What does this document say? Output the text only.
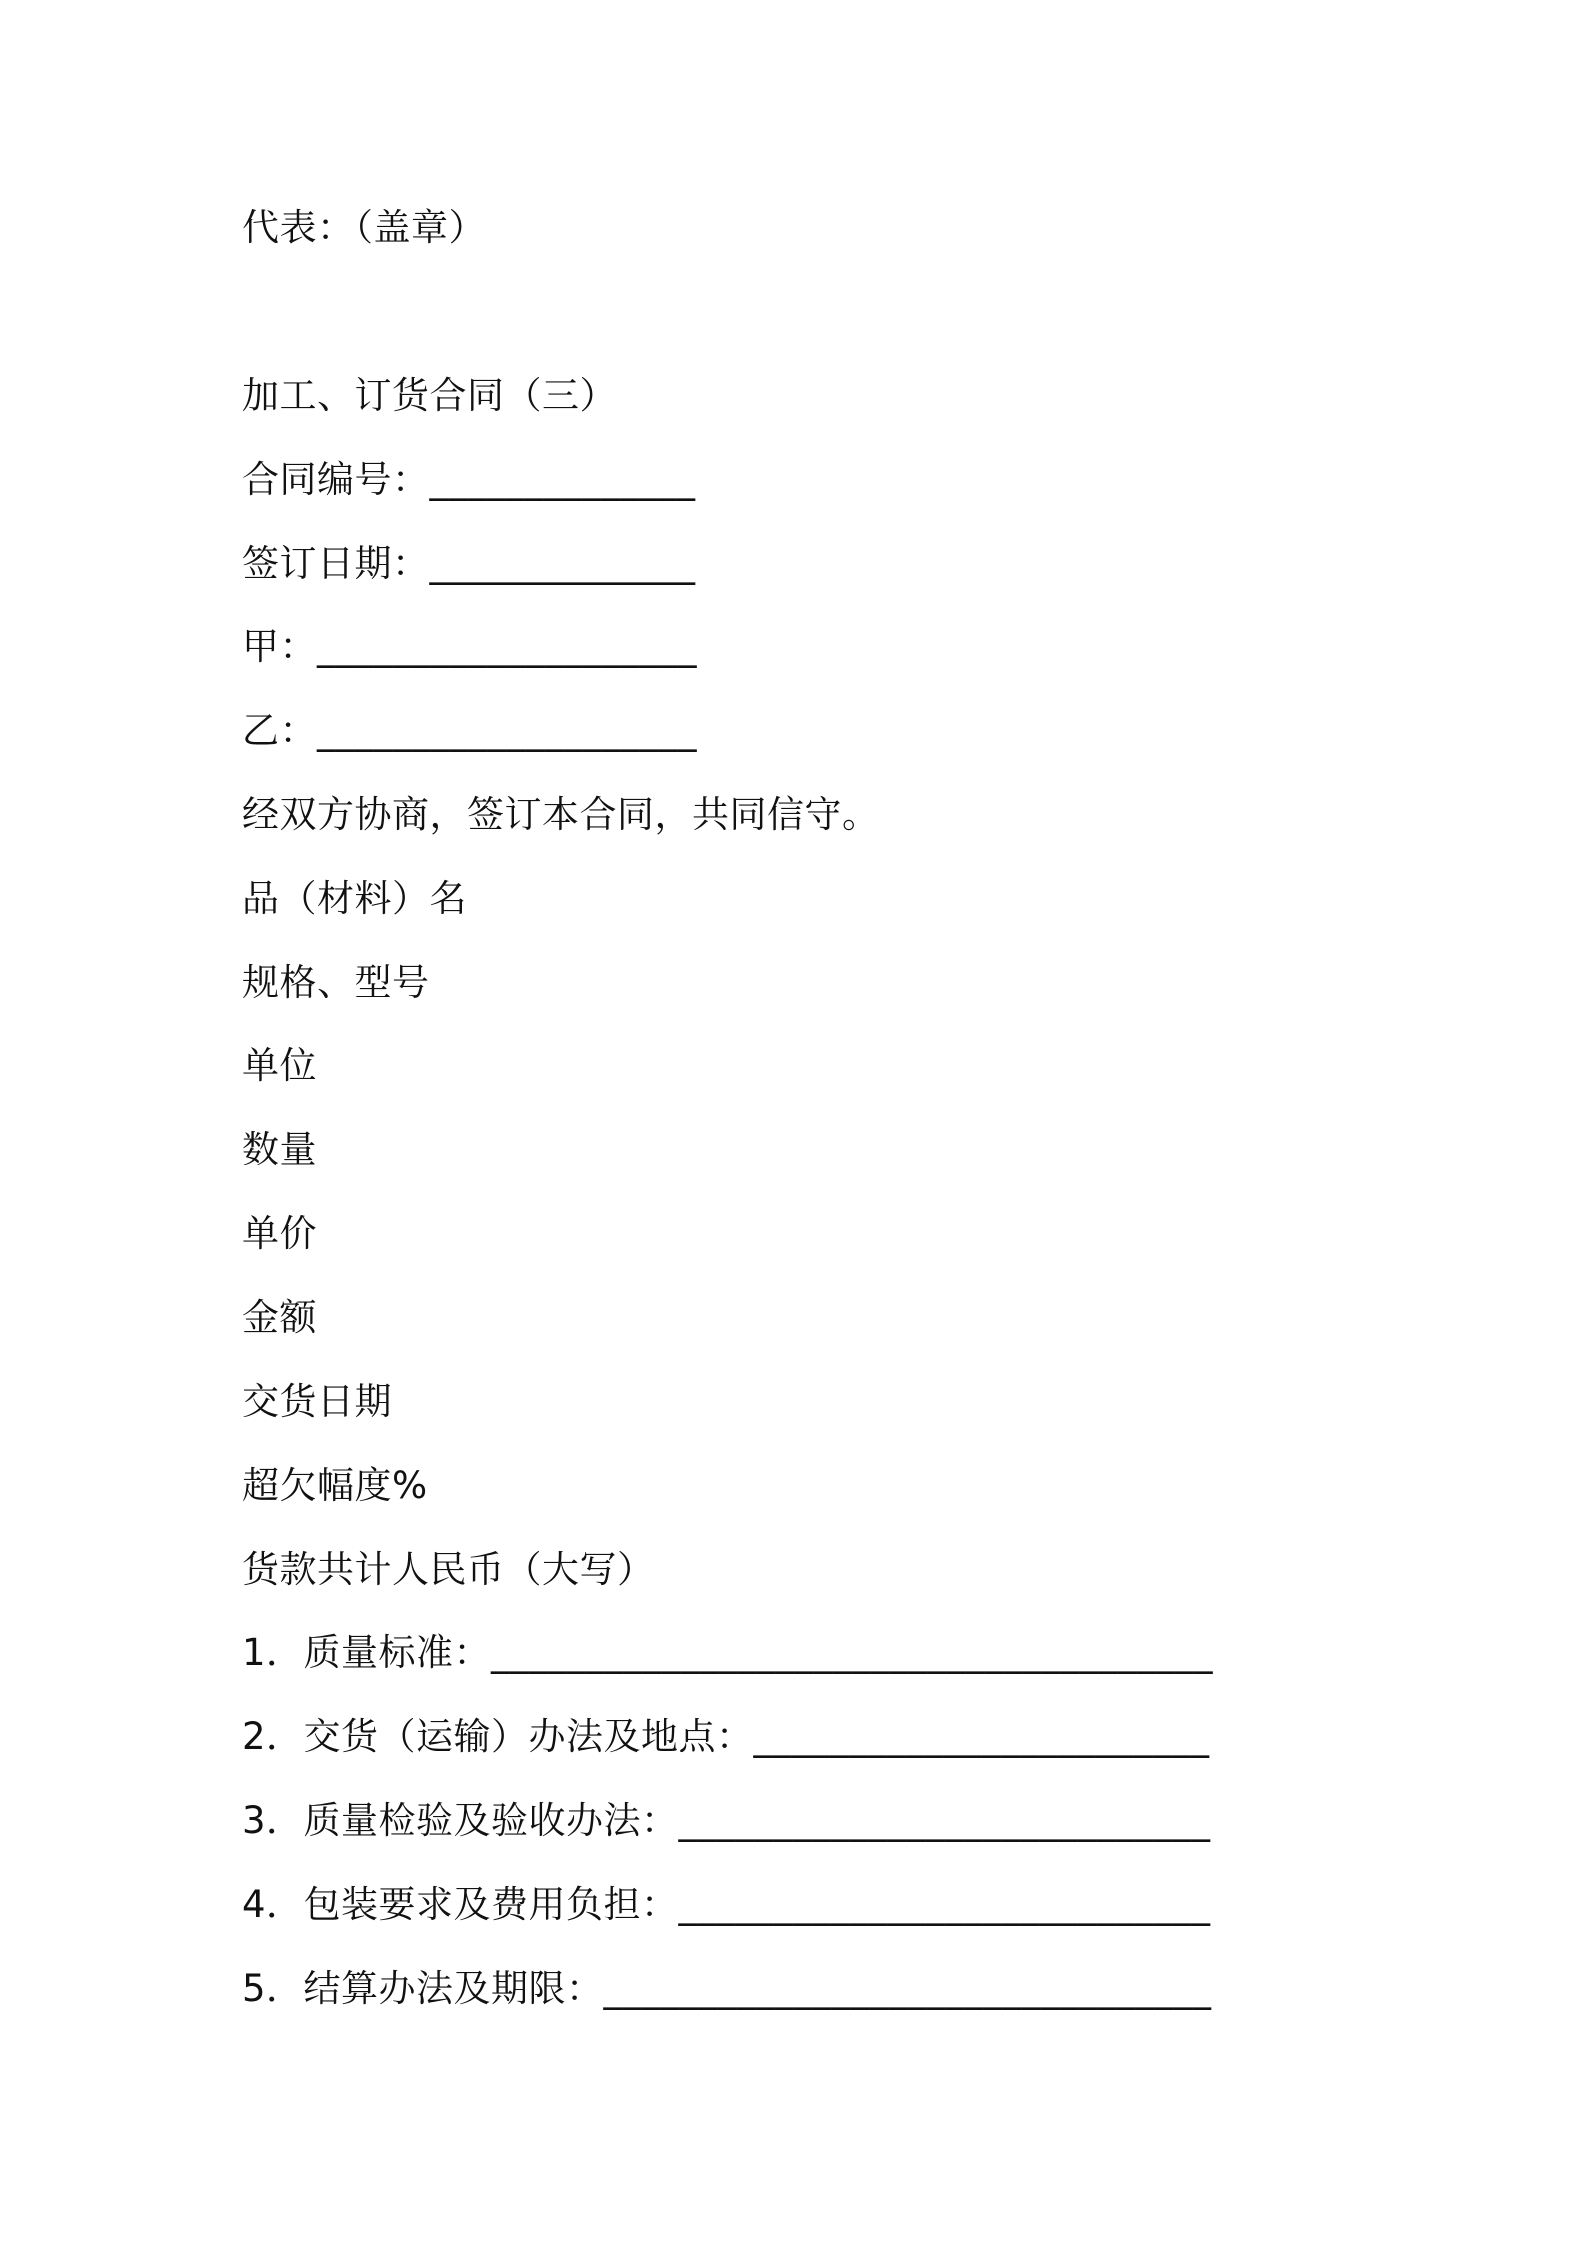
代表：（盖章）
加工、订货合同（三）
合同编号：______________
签订日期：______________
甲：____________________
乙：____________________
经双方协商，签订本合同，共同信守。
品（材料）名
规格、型号
单位
数量
单价
金额
交货日期
超欠幅度%
货款共计人民币（大写）
1．质量标准：______________________________________
2．交货（运输）办法及地点：________________________
3．质量检验及验收办法：____________________________
4．包装要求及费用负担：____________________________
5．结算办法及期限：________________________________
